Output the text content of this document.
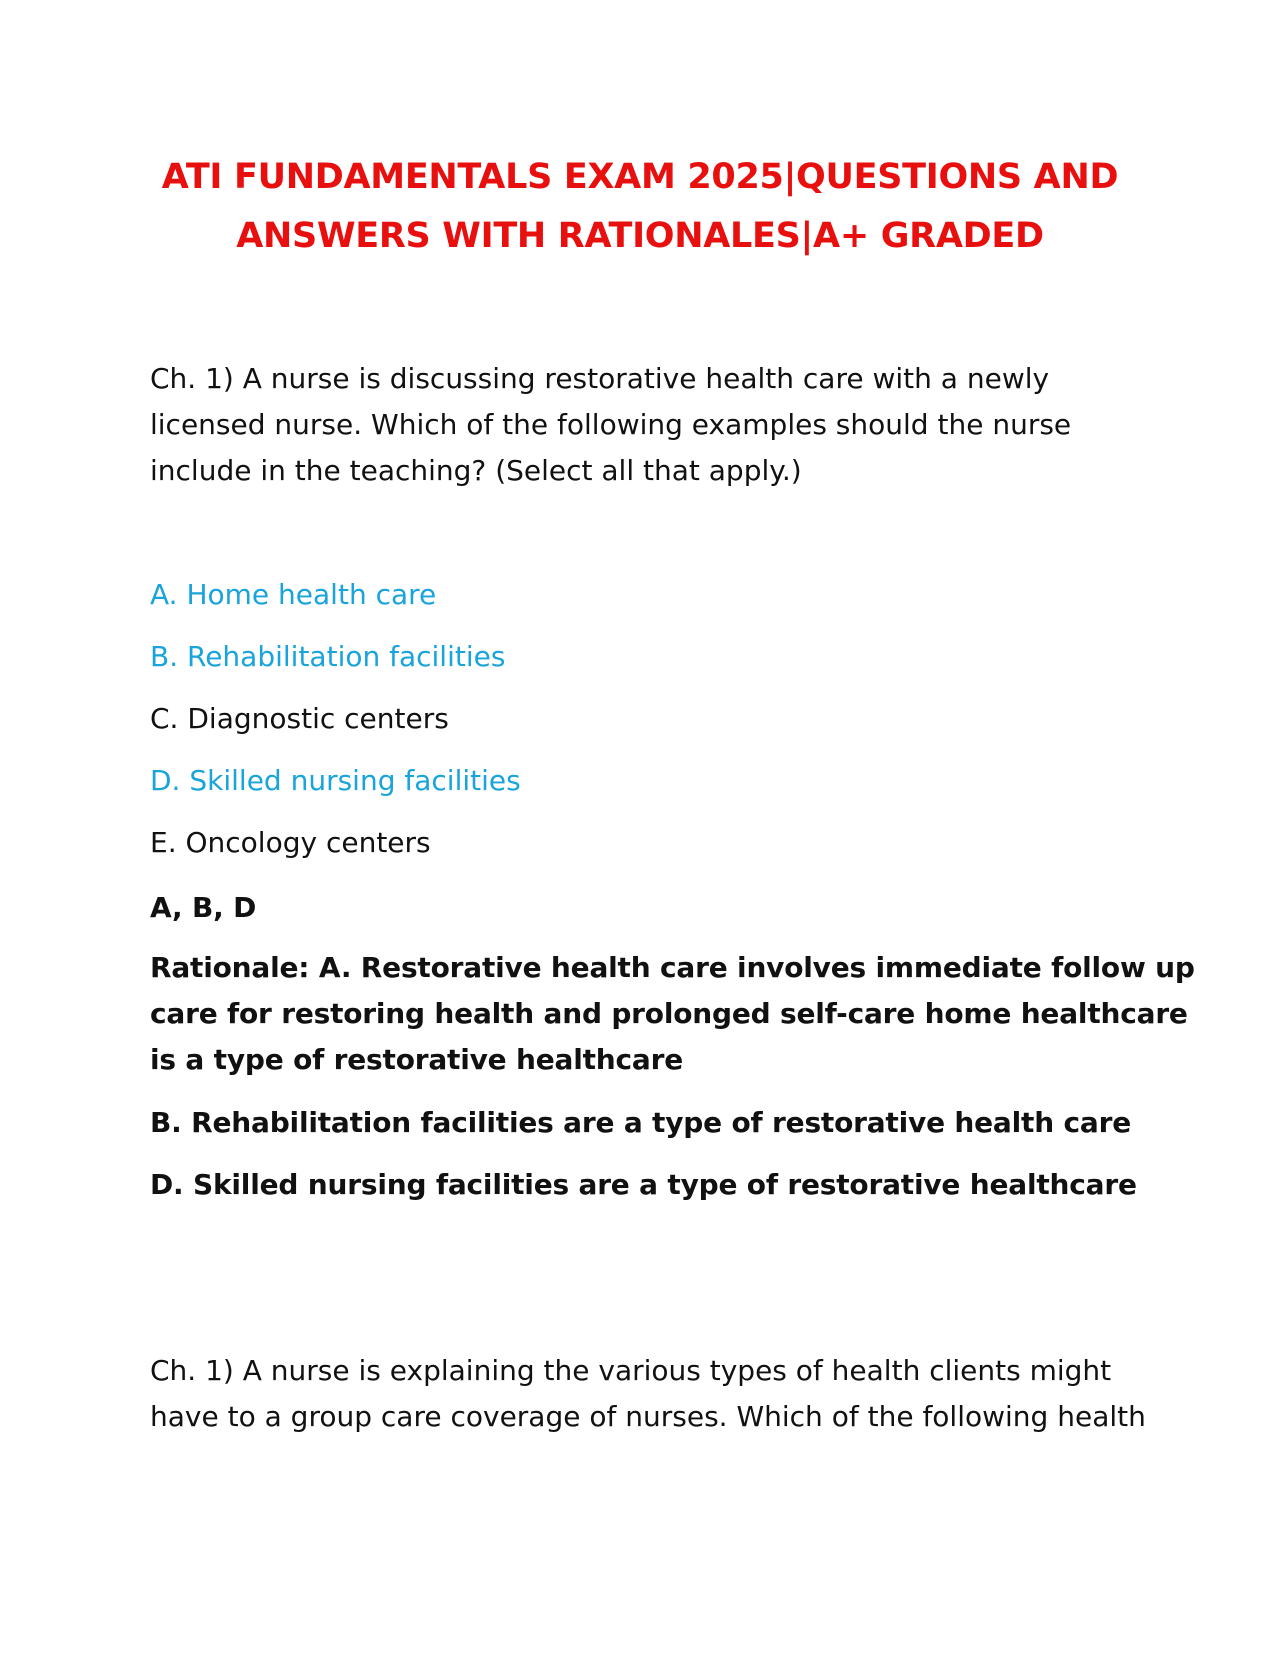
ATI FUNDAMENTALS EXAM 2025|QUESTIONS AND
ANSWERS WITH RATIONALES|A+ GRADED
Ch. 1) A nurse is discussing restorative health care with a newly
licensed nurse. Which of the following examples should the nurse
include in the teaching? (Select all that apply.)
A. Home health care
B. Rehabilitation facilities
C. Diagnostic centers
D. Skilled nursing facilities
E. Oncology centers
A, B, D
Rationale: A. Restorative health care involves immediate follow up
care for restoring health and prolonged self-care home healthcare
is a type of restorative healthcare
B. Rehabilitation facilities are a type of restorative health care
D. Skilled nursing facilities are a type of restorative healthcare
Ch. 1) A nurse is explaining the various types of health clients might
have to a group care coverage of nurses. Which of the following health
